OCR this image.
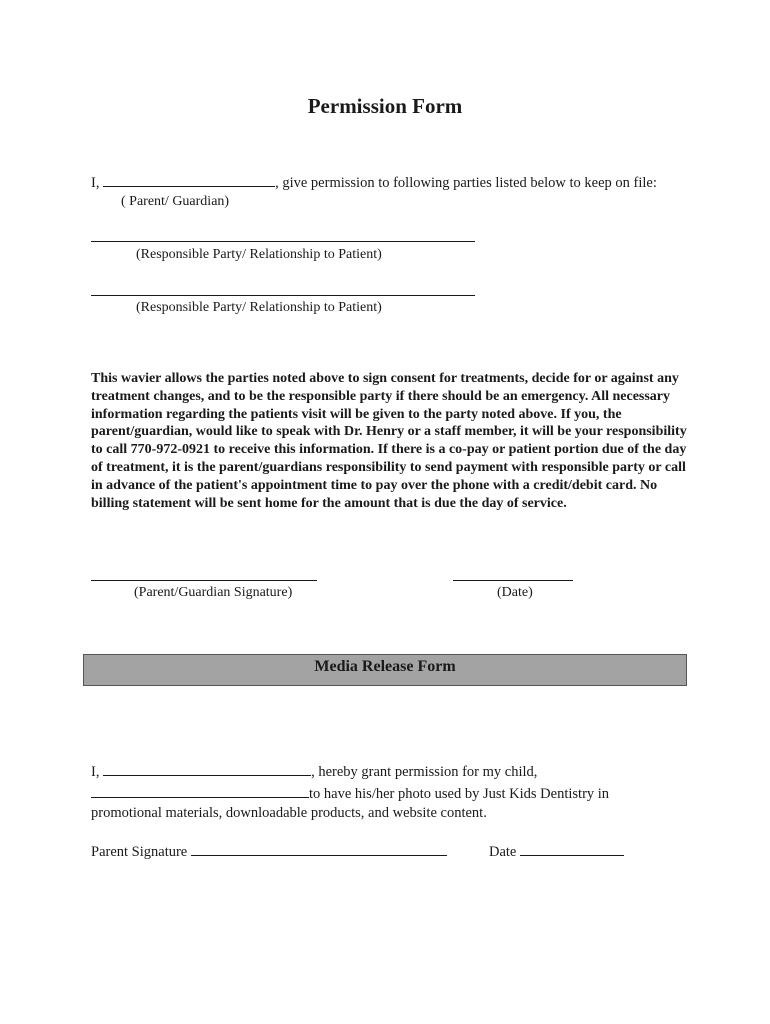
Permission Form
I,	, give permission to following parties listed below to keep on file:
( Parent/ Guardian)
(Responsible Party/ Relationship to Patient)
(Responsible Party/ Relationship to Patient)
This wavier allows the parties noted above to sign consent for treatments, decide for or against any treatment changes, and to be the responsible party if there should be an emergency. All necessary information regarding the patients visit will be given to the party noted above. If you, the parent/guardian, would like to speak with Dr. Henry or a staff member, it will be your responsibility to call 770-972-0921 to receive this information. If there is a co-pay or patient portion due of the day of treatment, it is the parent/guardians responsibility to send payment with responsible party or call in advance of the patient's appointment time to pay over the phone with a credit/debit card. No billing statement will be sent home for the amount that is due the day of service.
(Parent/Guardian Signature)	(Date)
Media Release Form
I,	, hereby grant permission for my child,
to have his/her photo used by Just Kids Dentistry in
promotional materials, downloadable products, and website content.
Parent Signature	Date
